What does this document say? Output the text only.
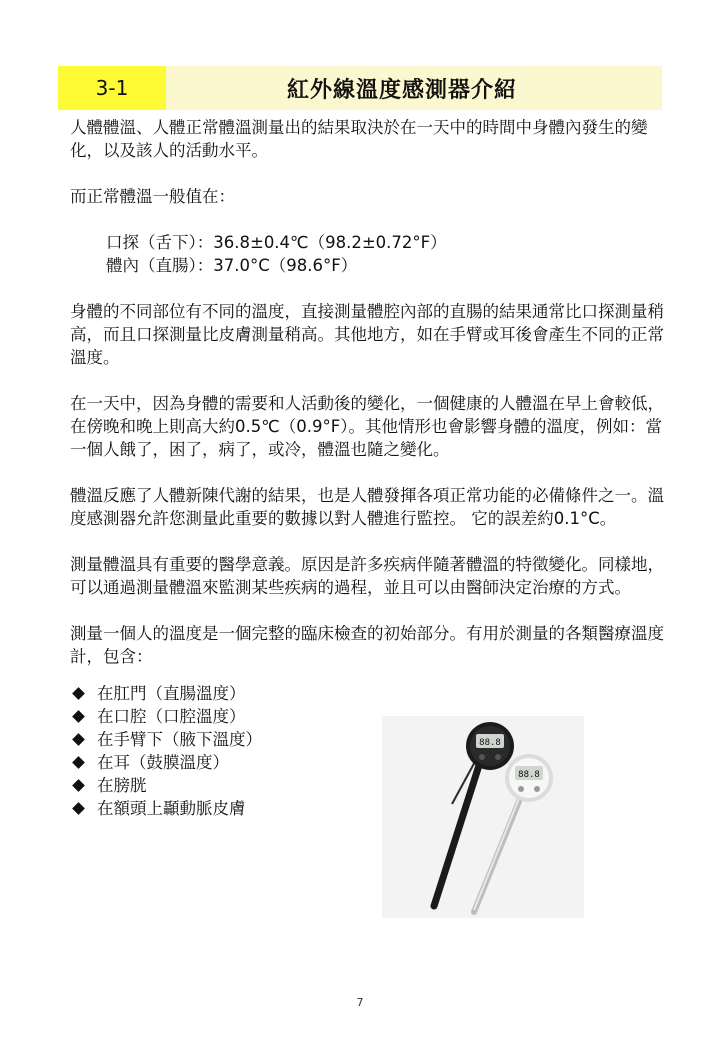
3-1	紅外線溫度感測器介紹

人體體溫、人體正常體溫測量出的結果取決於在一天中的時間中身體內發生的變化，以及該人的活動水平。

而正常體溫一般值在：

口探（舌下）：36.8±0.4℃（98.2±0.72°F）

體內（直腸）：37.0°C（98.6°F）

身體的不同部位有不同的溫度，直接測量體腔內部的直腸的結果通常比口探測量稍高，而且口探測量比皮膚測量稍高。其他地方，如在手臂或耳後會產生不同的正常溫度。

在一天中，因為身體的需要和人活動後的變化，一個健康的人體溫在早上會較低，在傍晚和晚上則高大約0.5℃（0.9°F）。其他情形也會影響身體的溫度，例如：當一個人餓了，困了，病了，或冷，體溫也隨之變化。

體溫反應了人體新陳代謝的結果，也是人體發揮各項正常功能的必備條件之一。溫度感測器允許您測量此重要的數據以對人體進行監控。 它的誤差約0.1°C。

測量體溫具有重要的醫學意義。原因是許多疾病伴隨著體溫的特徵變化。同樣地，可以通過測量體溫來監測某些疾病的過程，並且可以由醫師決定治療的方式。

測量一個人的溫度是一個完整的臨床檢查的初始部分。有用於測量的各類醫療溫度計，包含：

在肛門（直腸溫度）
在口腔（口腔溫度）
在手臂下（腋下溫度）
在耳（鼓膜溫度）
在膀胱
在額頭上顳動脈皮膚
88.8
88.8
7
